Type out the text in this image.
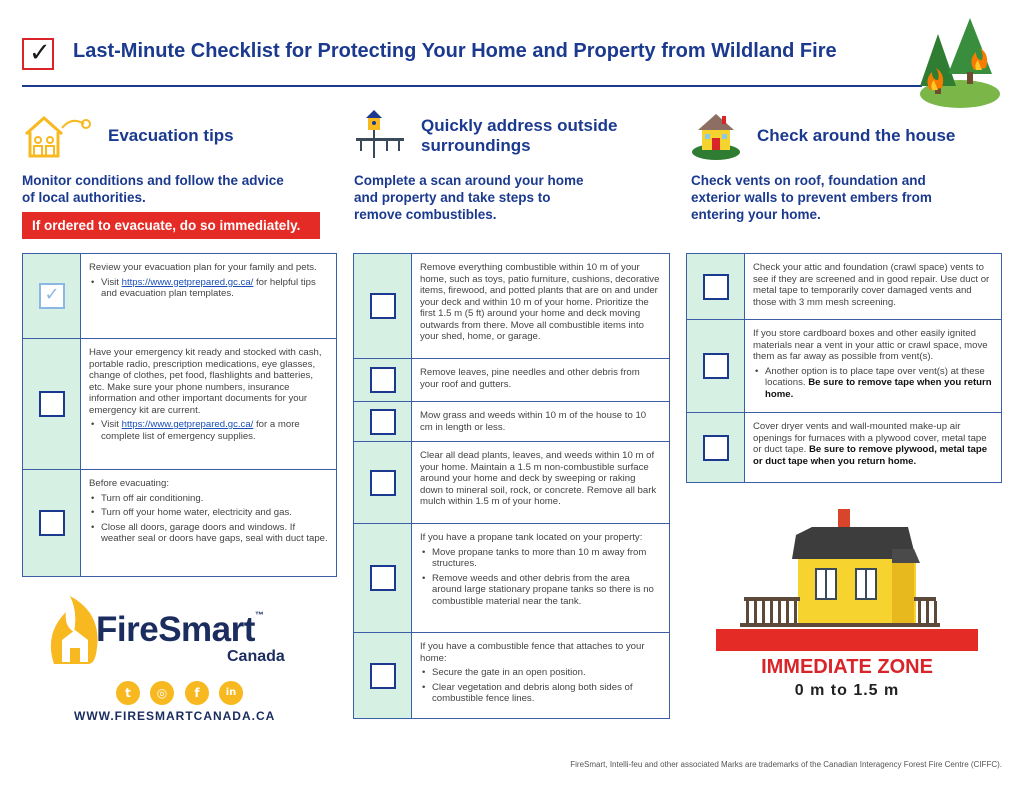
✓ Last-Minute Checklist for Protecting Your Home and Property from Wildland Fire
Evacuation tips
Monitor conditions and follow the advice
of local authorities.
If ordered to evacuate, do so immediately.
Quickly address outside
surroundings
Complete a scan around your home
and property and take steps to
remove combustibles.
Check around the house
Check vents on roof, foundation and
exterior walls to prevent embers from
entering your home.
✓

Review your evacuation plan for your family and pets.

• Visit https://www.getprepared.gc.ca/ for helpful tips and evacuation plan templates.

Have your emergency kit ready and stocked with cash, portable radio, prescription medications, eye glasses, change of clothes, pet food, flashlights and batteries, etc. Make sure your phone numbers, insurance information and other important documents for your emergency kit are current.

• Visit https://www.getprepared.gc.ca/ for a more complete list of emergency supplies.

Before evacuating:

• Turn off air conditioning.
• Turn off your home water, electricity and gas.
• Close all doors, garage doors and windows. If weather seal or doors have gaps, seal with duct tape.

Remove everything combustible within 10 m of your home, such as toys, patio furniture, cushions, decorative items, firewood, and potted plants that are on and under your deck and within 10 m of your home. Prioritize the first 1.5 m (5 ft) around your home and deck moving outwards from there. Move all combustible items into your shed, home, or garage.

Remove leaves, pine needles and other debris from your roof and gutters.

Mow grass and weeds within 10 m of the house to 10 cm in length or less.

Clear all dead plants, leaves, and weeds within 10 m of your home. Maintain a 1.5 m non-combustible surface around your home and deck by sweeping or raking down to mineral soil, rock, or concrete. Remove all bark mulch within 1.5 m of your home.

If you have a propane tank located on your property:

• Move propane tanks to more than 10 m away from structures.
• Remove weeds and other debris from the area around large stationary propane tanks so there is no combustible material near the tank.

If you have a combustible fence that attaches to your home:

• Secure the gate in an open position.
• Clear vegetation and debris along both sides of combustible fence lines.

Check your attic and foundation (crawl space) vents to see if they are screened and in good repair. Use duct or metal tape to temporarily cover damaged vents and those with 3 mm mesh screening.

If you store cardboard boxes and other easily ignited materials near a vent in your attic or crawl space, move them as far away as possible from vent(s).

• Another option is to place tape over vent(s) at these locations. Be sure to remove tape when you return home.

Cover dryer vents and wall-mounted make-up air openings for furnaces with a plywood cover, metal tape or duct tape. Be sure to remove plywood, metal tape or duct tape when you return home.

FireSmart™
Canada
t	◎	f	in
WWW.FIRESMARTCANADA.CA
IMMEDIATE ZONE
0 m to 1.5 m
FireSmart, Intelli-feu and other associated Marks are trademarks of the Canadian Interagency Forest Fire Centre (CIFFC).
